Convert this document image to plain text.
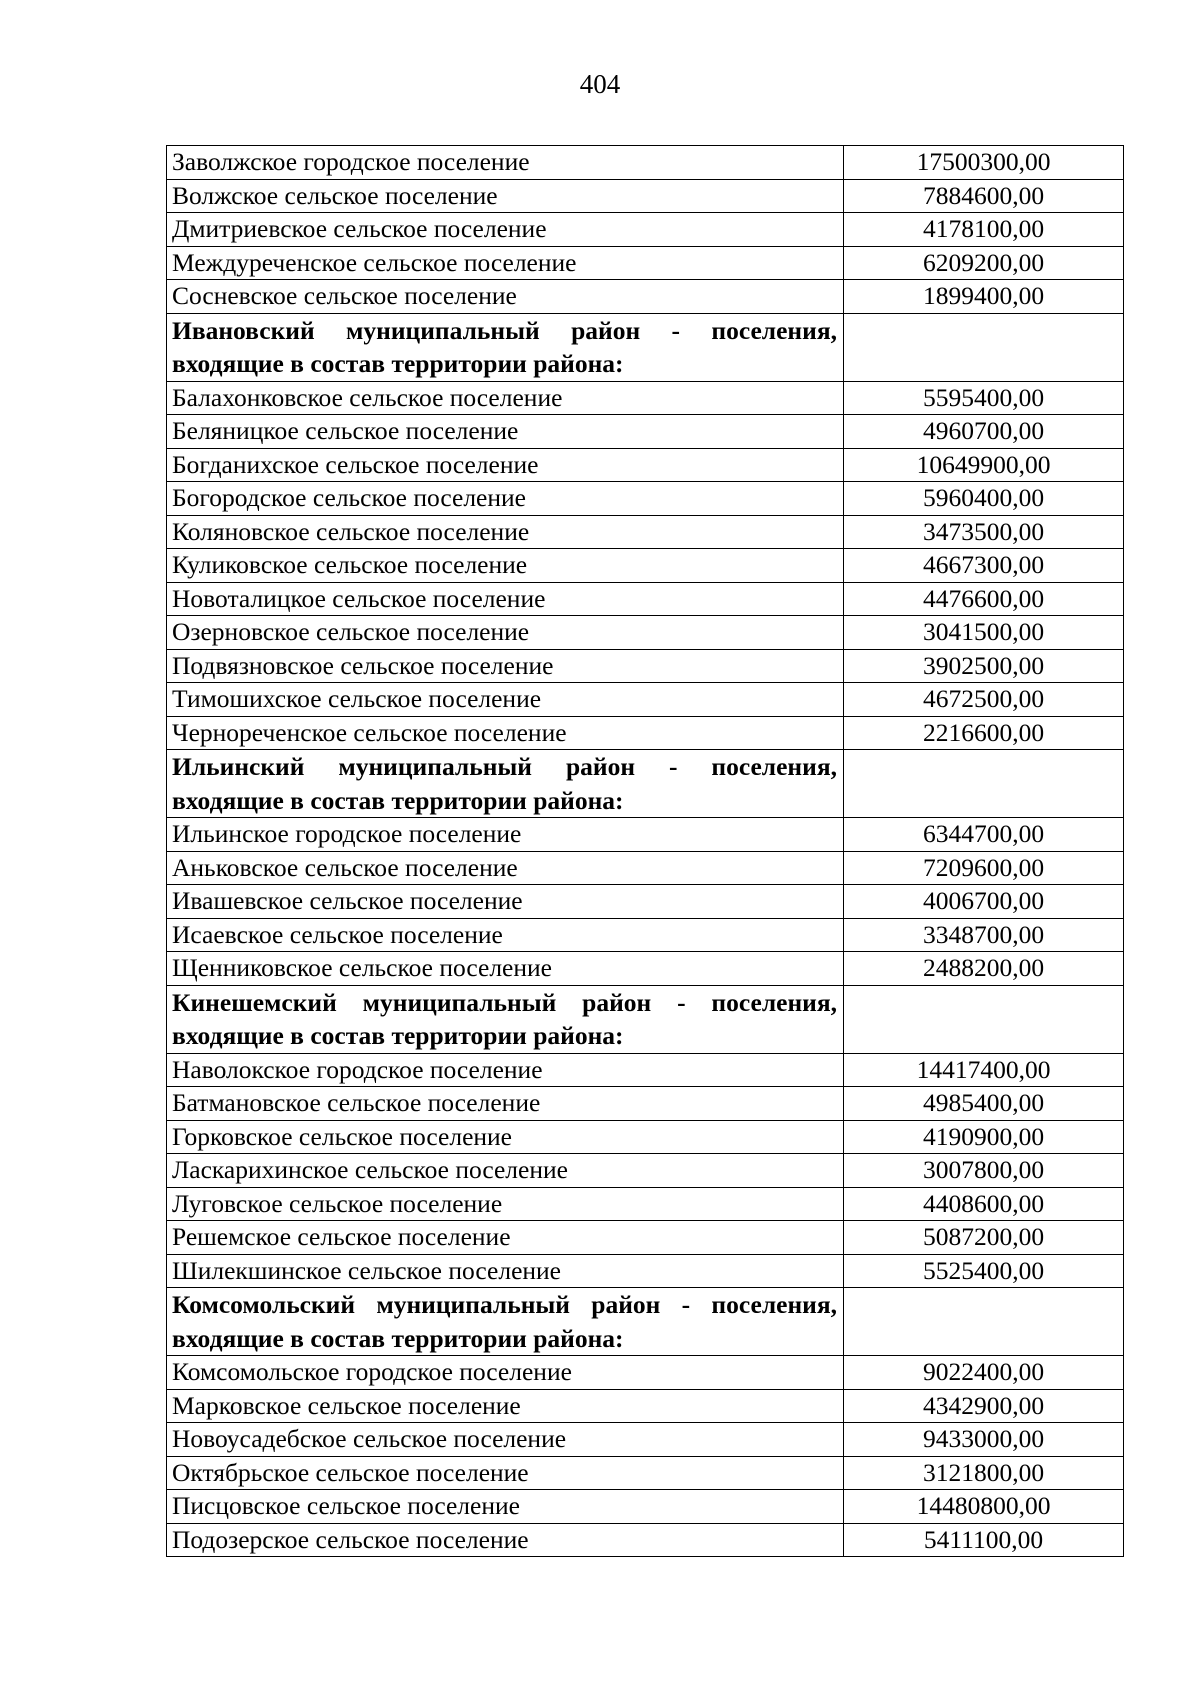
404
Заволжское городское поселение	17500300,00
Волжское сельское поселение	7884600,00
Дмитриевское сельское поселение	4178100,00
Междуреченское сельское поселение	6209200,00
Сосневское сельское поселение	1899400,00
Ивановский муниципальный район - поселения, входящие в состав территории района:	
Балахонковское сельское поселение	5595400,00
Беляницкое сельское поселение	4960700,00
Богданихское сельское поселение	10649900,00
Богородское сельское поселение	5960400,00
Коляновское сельское поселение	3473500,00
Куликовское сельское поселение	4667300,00
Новоталицкое сельское поселение	4476600,00
Озерновское сельское поселение	3041500,00
Подвязновское сельское поселение	3902500,00
Тимошихское сельское поселение	4672500,00
Чернореченское сельское поселение	2216600,00
Ильинский муниципальный район - поселения, входящие в состав территории района:	
Ильинское городское поселение	6344700,00
Аньковское сельское поселение	7209600,00
Ивашевское сельское поселение	4006700,00
Исаевское сельское поселение	3348700,00
Щенниковское сельское поселение	2488200,00
Кинешемский муниципальный район - поселения, входящие в состав территории района:	
Наволокское городское поселение	14417400,00
Батмановское сельское поселение	4985400,00
Горковское сельское поселение	4190900,00
Ласкарихинское сельское поселение	3007800,00
Луговское сельское поселение	4408600,00
Решемское сельское поселение	5087200,00
Шилекшинское сельское поселение	5525400,00
Комсомольский муниципальный район - поселения, входящие в состав территории района:	
Комсомольское городское поселение	9022400,00
Марковское сельское поселение	4342900,00
Новоусадебское сельское поселение	9433000,00
Октябрьское сельское поселение	3121800,00
Писцовское сельское поселение	14480800,00
Подозерское сельское поселение	5411100,00
